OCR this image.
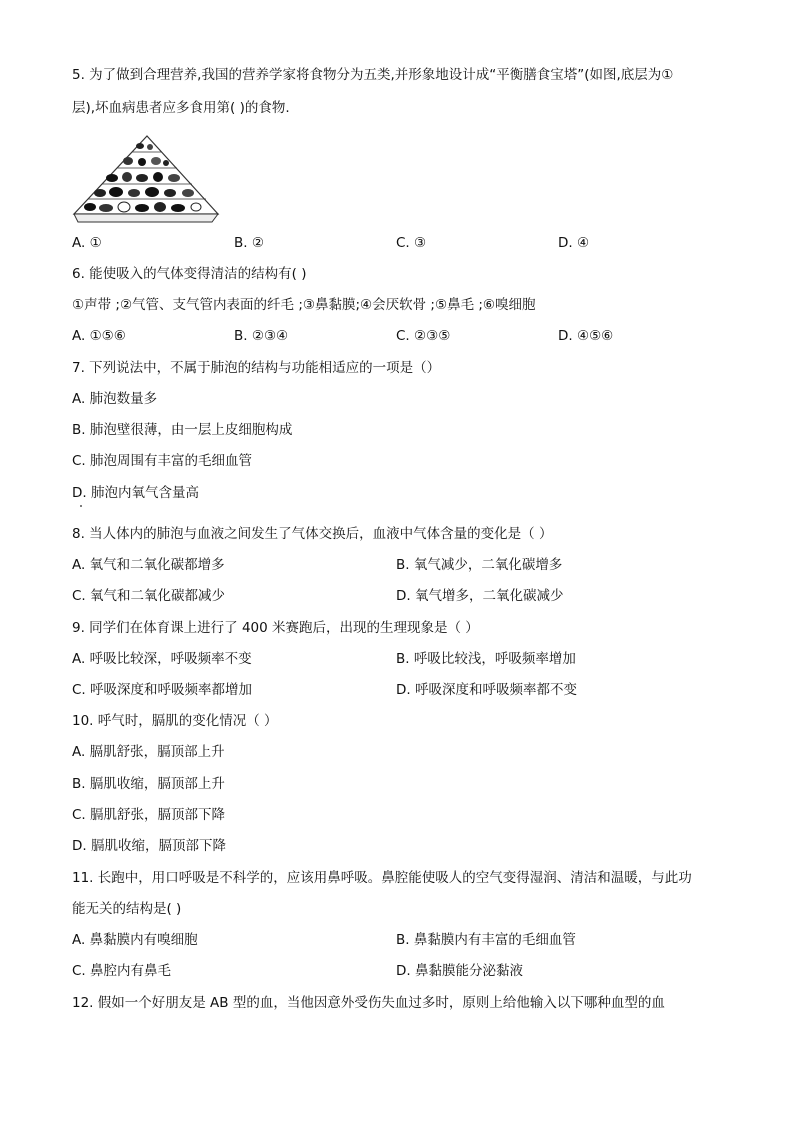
5. 为了做到合理营养,我国的营养学家将食物分为五类,并形象地设计成“平衡膳食宝塔”(如图,底层为①
层),坏血病患者应多食用第( )的食物.
A. ①	B. ②	C. ③	D. ④
6. 能使吸入的气体变得清洁的结构有( )
①声带 ;②气管、支气管内表面的纤毛 ;③鼻黏膜;④会厌软骨 ;⑤鼻毛 ;⑥嗅细胞
A. ①⑤⑥	B. ②③④	C. ②③⑤	D. ④⑤⑥
7. 下列说法中，不属于肺泡的结构与功能相适应的一项是（）
A. 肺泡数量多
B. 肺泡壁很薄，由一层上皮细胞构成
C. 肺泡周围有丰富的毛细血管
D. 肺泡内氧气含量高
8. 当人体内的肺泡与血液之间发生了气体交换后，血液中气体含量的变化是（ ）
A. 氧气和二氧化碳都增多	B. 氧气减少，二氧化碳增多
C. 氧气和二氧化碳都减少	D. 氧气增多，二氧化碳减少
9. 同学们在体育课上进行了 400 米赛跑后，出现的生理现象是（ ）
A. 呼吸比较深，呼吸频率不变	B. 呼吸比较浅，呼吸频率增加
C. 呼吸深度和呼吸频率都增加	D. 呼吸深度和呼吸频率都不变
10. 呼气时，膈肌的变化情况（ ）
A. 膈肌舒张，膈顶部上升
B. 膈肌收缩，膈顶部上升
C. 膈肌舒张，膈顶部下降
D. 膈肌收缩，膈顶部下降
11. 长跑中，用口呼吸是不科学的，应该用鼻呼吸。鼻腔能使吸人的空气变得湿润、清洁和温暖，与此功
能无关的结构是( )
A. 鼻黏膜内有嗅细胞	B. 鼻黏膜内有丰富的毛细血管
C. 鼻腔内有鼻毛	D. 鼻黏膜能分泌黏液
12. 假如一个好朋友是 AB 型的血，当他因意外受伤失血过多时，原则上给他输入以下哪种血型的血
